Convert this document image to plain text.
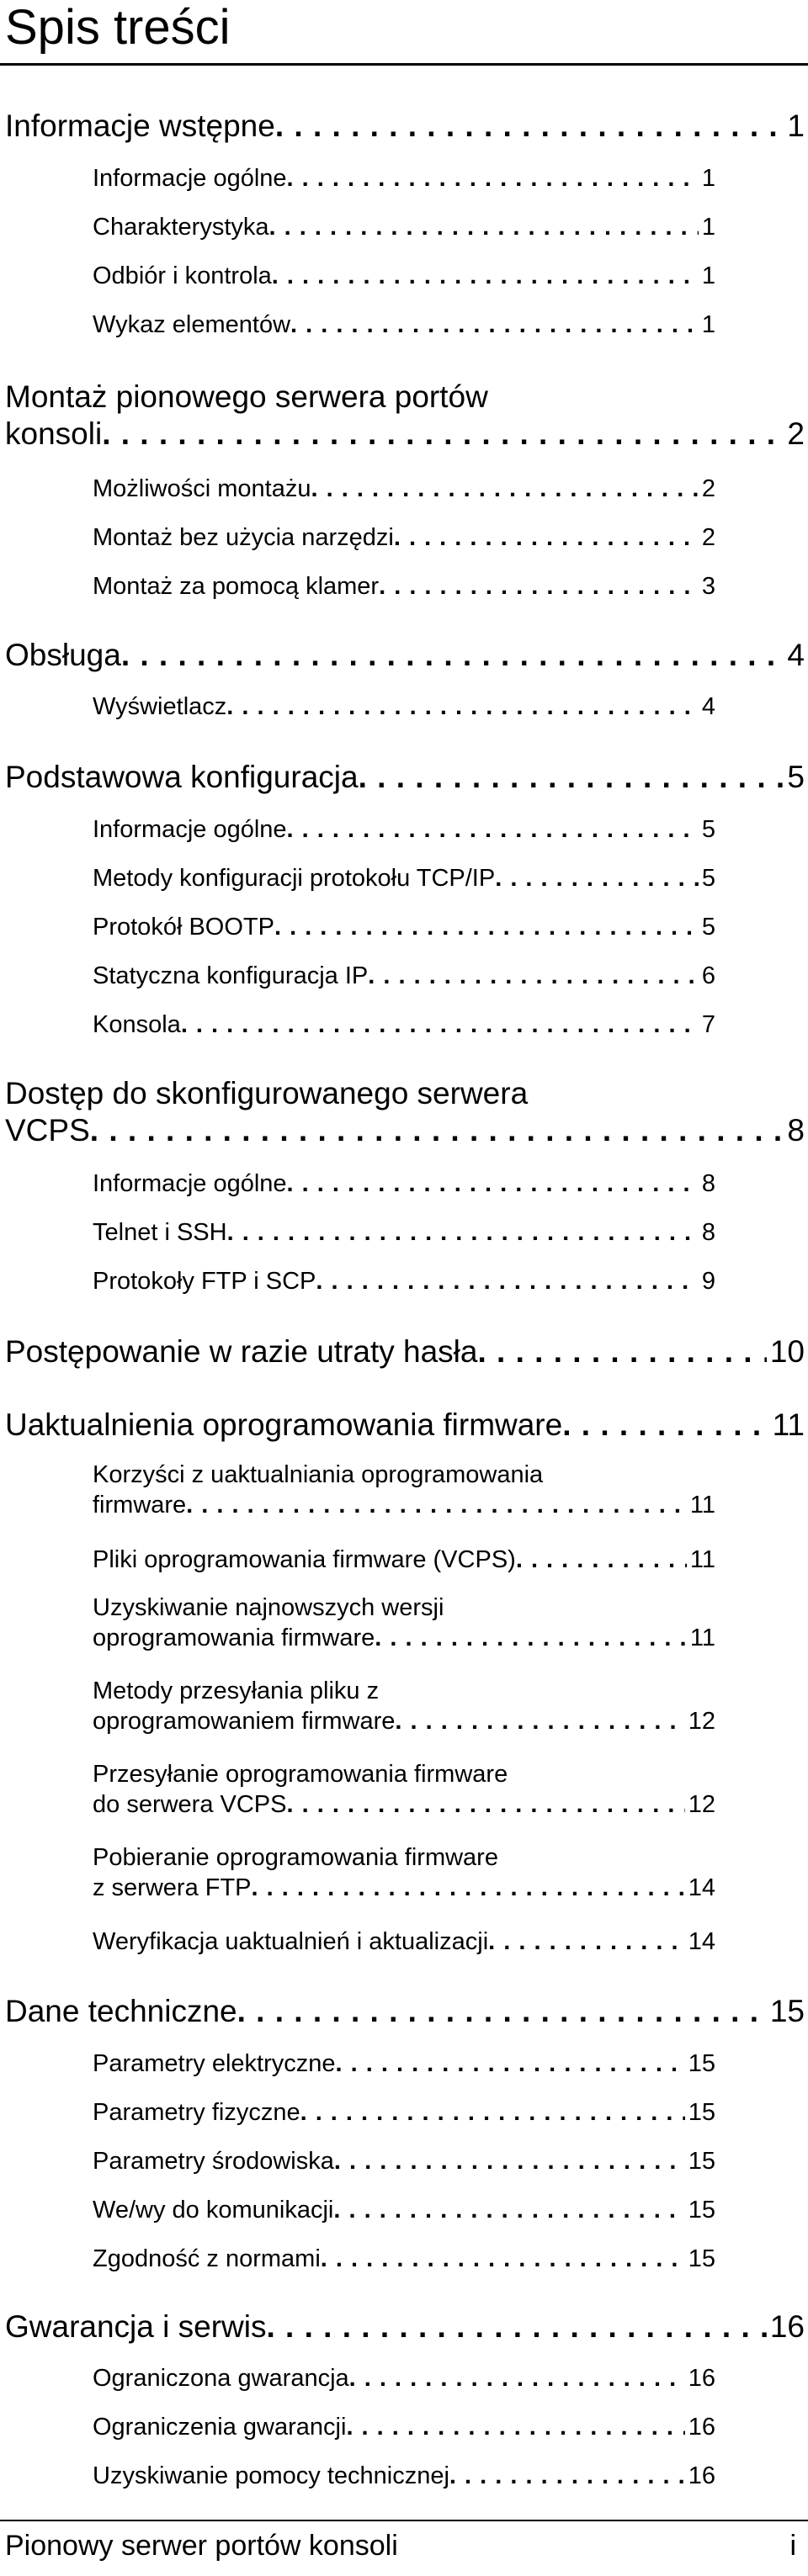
Spis treści
Informacje wstępne . . .	1
Informacje ogólne . . .	1
Charakterystyka . . .	1
Odbiór i kontrola . . .	1
Wykaz elementów . . .	1
Montaż pionowego serwera portów
konsoli . . .	2
Możliwości montażu . . .	2
Montaż bez użycia narzędzi . . .	2
Montaż za pomocą klamer . . .	3
Obsługa . . .	4
Wyświetlacz . . .	4
Podstawowa konfiguracja . . .	5
Informacje ogólne . . .	5
Metody konfiguracji protokołu TCP/IP . . .	5
Protokół BOOTP . . .	5
Statyczna konfiguracja IP . . .	6
Konsola . . .	7
Dostęp do skonfigurowanego serwera
VCPS . . .	8
Informacje ogólne . . .	8
Telnet i SSH . . .	8
Protokoły FTP i SCP . . .	9
Postępowanie w razie utraty hasła . . .	10
Uaktualnienia oprogramowania firmware . . .	11
Korzyści z uaktualniania oprogramowania
firmware . . .	11
Pliki oprogramowania firmware (VCPS) . . .	11
Uzyskiwanie najnowszych wersji
oprogramowania firmware . . .	11
Metody przesyłania pliku z
oprogramowaniem firmware . . .	12
Przesyłanie oprogramowania firmware
do serwera VCPS . . .	12
Pobieranie oprogramowania firmware
z serwera FTP . . .	14
Weryfikacja uaktualnień i aktualizacji . . .	14
Dane techniczne . . .	15
Parametry elektryczne . . .	15
Parametry fizyczne . . .	15
Parametry środowiska . . .	15
We/wy do komunikacji . . .	15
Zgodność z normami . . .	15
Gwarancja i serwis . . .	16
Ograniczona gwarancja . . .	16
Ograniczenia gwarancji . . .	16
Uzyskiwanie pomocy technicznej . . .	16
Pionowy serwer portów konsoli	i
